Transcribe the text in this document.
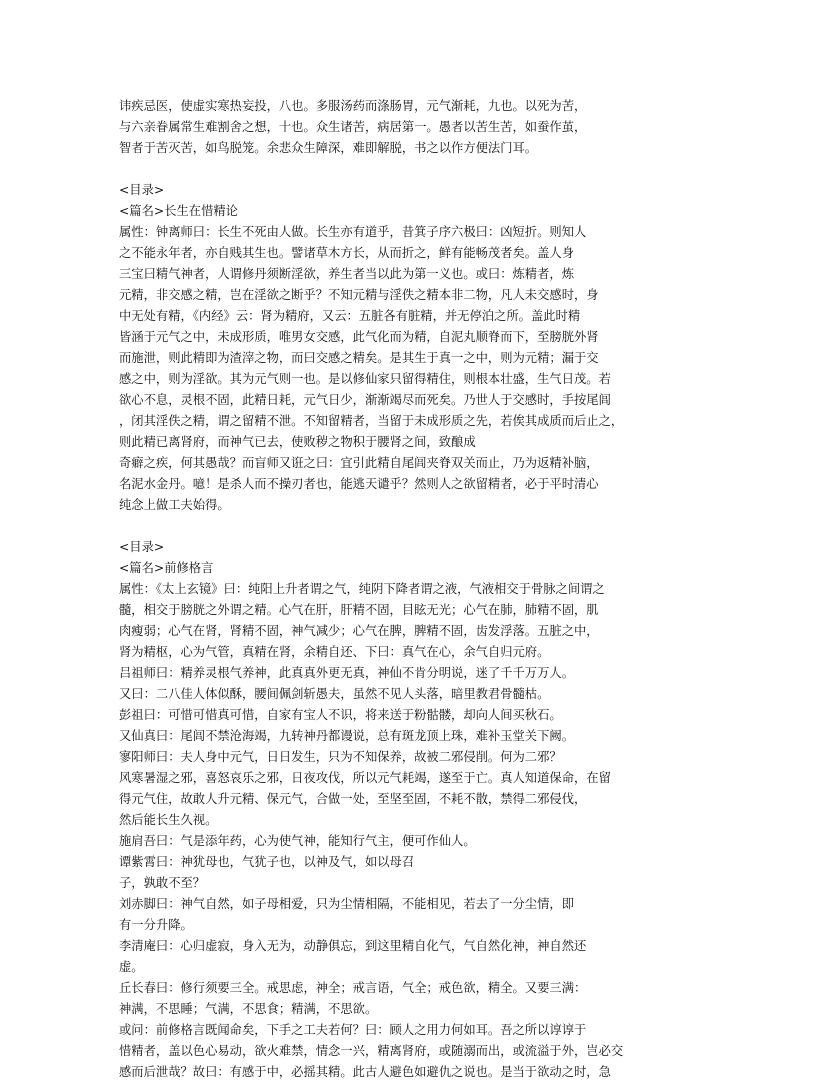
讳疾忌医，使虚实寒热妄投，八也。多服汤药而涤肠胃，元气渐耗，九也。以死为苦，
与六亲眷属常生难割舍之想，十也。众生诸苦，病居第一。愚者以苦生苦，如蚕作茧，
智者于苦灭苦，如鸟脱笼。余悲众生障深，难即解脱，书之以作方便法门耳。
<目录>
<篇名>长生在惜精论
属性：钟离师曰：长生不死由人做。长生亦有道乎，昔箕子序六极曰：凶短折。则知人
之不能永年者，亦自贱其生也。譬诸草木方长，从而折之，鲜有能畅茂者矣。盖人身
三宝曰精气神者，人谓修丹须断淫欲，养生者当以此为第一义也。或曰：炼精者，炼
元精，非交感之精，岂在淫欲之断乎？不知元精与淫佚之精本非二物，凡人未交感时，身
中无处有精，《内经》云：肾为精府，又云：五脏各有脏精，并无停泊之所。盖此时精
皆涵于元气之中，未成形质，唯男女交感，此气化而为精，自泥丸顺脊而下，至膀胱外肾
而施泄，则此精即为渣滓之物，而曰交感之精矣。是其生于真一之中，则为元精；漏于交
感之中，则为淫欲。其为元气则一也。是以修仙家只留得精住，则根本壮盛，生气日茂。若
欲心不息，灵根不固，此精日耗，元气日少，渐渐竭尽而死矣。乃世人于交感时，手按尾闾
，闭其淫佚之精，谓之留精不泄。不知留精者，当留于未成形质之先，若俟其成质而后止之，
则此精已离肾府，而神气已去，使败秽之物积于腰肾之间，致酿成
奇癖之疾，何其愚哉？而盲师又诳之曰：宜引此精自尾闾夹脊双关而止，乃为返精补脑，
名泥水金丹。噫！是杀人而不操刃者也，能逃天谴乎？然则人之欲留精者，必于平时清心
纯念上做工夫始得。
<目录>
<篇名>前修格言
属性：《太上玄镜》曰：纯阳上升者谓之气，纯阴下降者谓之液，气液相交于骨脉之间谓之
髓，相交于膀胱之外谓之精。心气在肝，肝精不固，目眩无光；心气在肺，肺精不固，肌
肉瘦弱；心气在肾，肾精不固，神气减少；心气在脾，脾精不固，齿发浮落。五脏之中，
肾为精枢，心为气管，真精在肾，余精自还、下曰：真气在心，余气自归元府。
吕祖师曰：精养灵根气养神，此真真外更无真，神仙不肯分明说，迷了千千万万人。
又曰：二八佳人体似酥，腰间佩剑斩愚夫，虽然不见人头落，暗里教君骨髓枯。
彭祖曰：可惜可惜真可惜，自家有宝人不识，将来送于粉骷髅，却向人间买秋石。
又仙真曰：尾闾不禁沧海竭，九转神丹都谩说，总有斑龙顶上珠，难补玉堂关下阙。
寥阳师曰：夫人身中元气，日日发生，只为不知保养，故被二邪侵削。何为二邪？
风寒暑湿之邪，喜怒哀乐之邪，日夜攻伐，所以元气耗竭，遂至于亡。真人知道保命，在留
得元气住，故敢人升元精、保元气，合做一处，至坚至固，不耗不散，禁得二邪侵伐，
然后能长生久视。
施肩吾曰：气是添年药，心为使气神，能知行气主，便可作仙人。
谭紫霄曰：神犹母也，气犹子也，以神及气，如以母召
子，孰敢不至？
刘赤脚曰：神气自然，如子母相爱，只为尘情相隔，不能相见，若去了一分尘情，即
有一分升降。
李清庵曰：心归虚寂，身入无为，动静俱忘，到这里精自化气，气自然化神，神自然还
虚。
丘长春曰：修行须要三全。戒思虑，神全；戒言语，气全；戒色欲，精全。又要三满：
神满，不思睡；气满，不思食；精满，不思欲。
或问：前修格言既闻命矣，下手之工夫若何？曰：顾人之用力何如耳。吾之所以谆谆于
惜精者，盖以色心易动，欲火难禁，情念一兴，精离肾府，或随溺而出，或流溢于外，岂必交
感而后泄哉？故曰：有感于中，必摇其精。此古人避色如避仇之说也。是当于欲动之时，急
